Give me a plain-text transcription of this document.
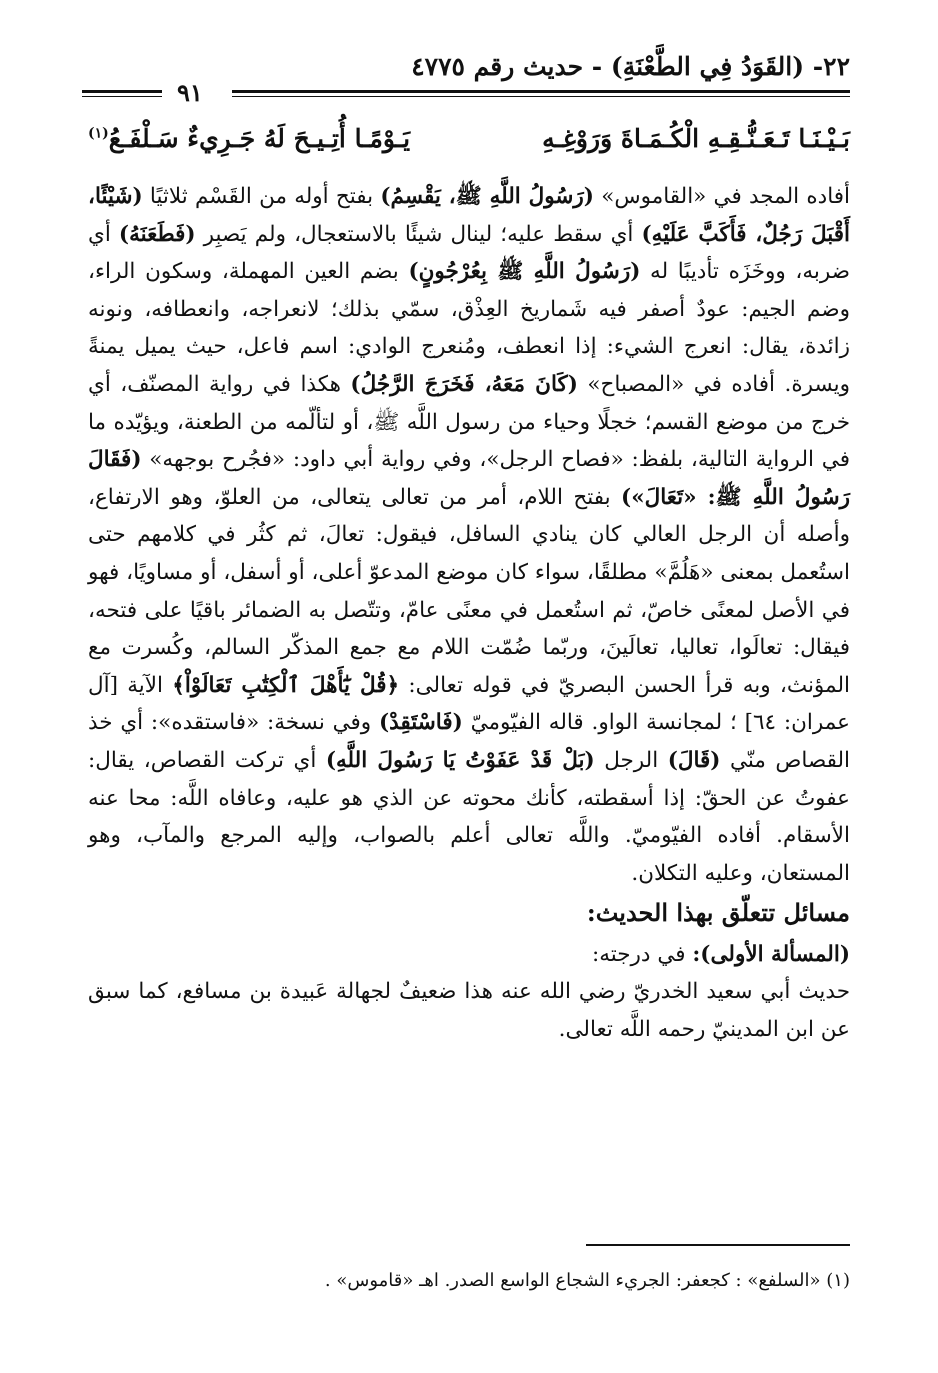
٢٢- (القَوَدُ فِي الطَّعْنَةِ) - حديث رقم ٤٧٧٥
٩١
بَـيْـنَـا تَـعَـنُّـقِـهِ الْكُـمَـاةَ وَرَوْغِـهِ
يَـوْمًـا أُتِـيـحَ لَهُ جَـرِيءٌ سَـلْفَـعُ$^{(١)}$

أفاده المجد في «القاموس» (رَسُولُ اللَّهِ ﷺ، يَقْسِمُ) بفتح أوله من القَسْم ثلاثيًا (شَيْئًا، أَقْبَلَ رَجُلٌ، فَأَكَبَّ عَلَيْهِ) أي سقط عليه؛ لينال شيئًا بالاستعجال، ولم يَصبِر (فَطَعَنَهُ) أي ضربه، ووخَزَه تأديبًا له (رَسُولُ اللَّهِ ﷺ بِعُرْجُونٍ) بضم العين المهملة، وسكون الراء، وضم الجيم: عودٌ أصفر فيه شَماريخ العِذْق، سمّي بذلك؛ لانعراجه، وانعطافه، ونونه زائدة، يقال: انعرج الشيء: إذا انعطف، ومُنعرج الوادي: اسم فاعل، حيث يميل يمنةً ويسرة. أفاده في «المصباح» (كَانَ مَعَهُ، فَخَرَجَ الرَّجُلُ) هكذا في رواية المصنّف، أي خرج من موضع القسم؛ خجلًا وحياء من رسول اللَّه ﷺ، أو لتألّمه من الطعنة، ويؤيّده ما في الرواية التالية، بلفظ: «فصاح الرجل»، وفي رواية أبي داود: «فجُرح بوجهه» (فَقَالَ رَسُولُ اللَّهِ ﷺ: «تَعَالَ») بفتح اللام، أمر من تعالى يتعالى، من العلوّ، وهو الارتفاع، وأصله أن الرجل العالي كان ينادي السافل، فيقول: تعالَ، ثم كثُر في كلامهم حتى استُعمل بمعنى «هَلُمَّ» مطلقًا، سواء كان موضع المدعوّ أعلى، أو أسفل، أو مساويًا، فهو في الأصل لمعنًى خاصّ، ثم استُعمل في معنًى عامّ، وتتّصل به الضمائر باقيًا على فتحه، فيقال: تعالَوا، تعاليا، تعالَينَ، وربّما ضُمّت اللام مع جمع المذكّر السالم، وكُسرت مع المؤنث، وبه قرأ الحسن البصريّ في قوله تعالى: ﴿قُلْ يَٰٓأَهْلَ ٱلْكِتَٰبِ تَعَالَوْاْ﴾ الآية [آل عمران: ٦٤] ؛ لمجانسة الواو. قاله الفيّوميّ (فَاسْتَقِدْ) وفي نسخة: «فاستقده»: أي خذ القصاص منّي (قَالَ) الرجل (بَلْ قَدْ عَفَوْتُ يَا رَسُولَ اللَّهِ) أي تركت القصاص، يقال: عفوتُ عن الحقّ: إذا أسقطته، كأنك محوته عن الذي هو عليه، وعافاه اللَّه: محا عنه الأسقام. أفاده الفيّوميّ. واللَّه تعالى أعلم بالصواب، وإليه المرجع والمآب، وهو المستعان، وعليه التكلان.

مسائل تتعلّق بهذا الحديث:

(المسألة الأولى): في درجته:

حديث أبي سعيد الخدريّ رضي الله عنه هذا ضعيفٌ لجهالة عَبيدة بن مسافع، كما سبق عن ابن المدينيّ رحمه اللَّه تعالى.

(١) «السلفع» : كجعفر: الجريء الشجاع الواسع الصدر. اهـ «قاموس» .
